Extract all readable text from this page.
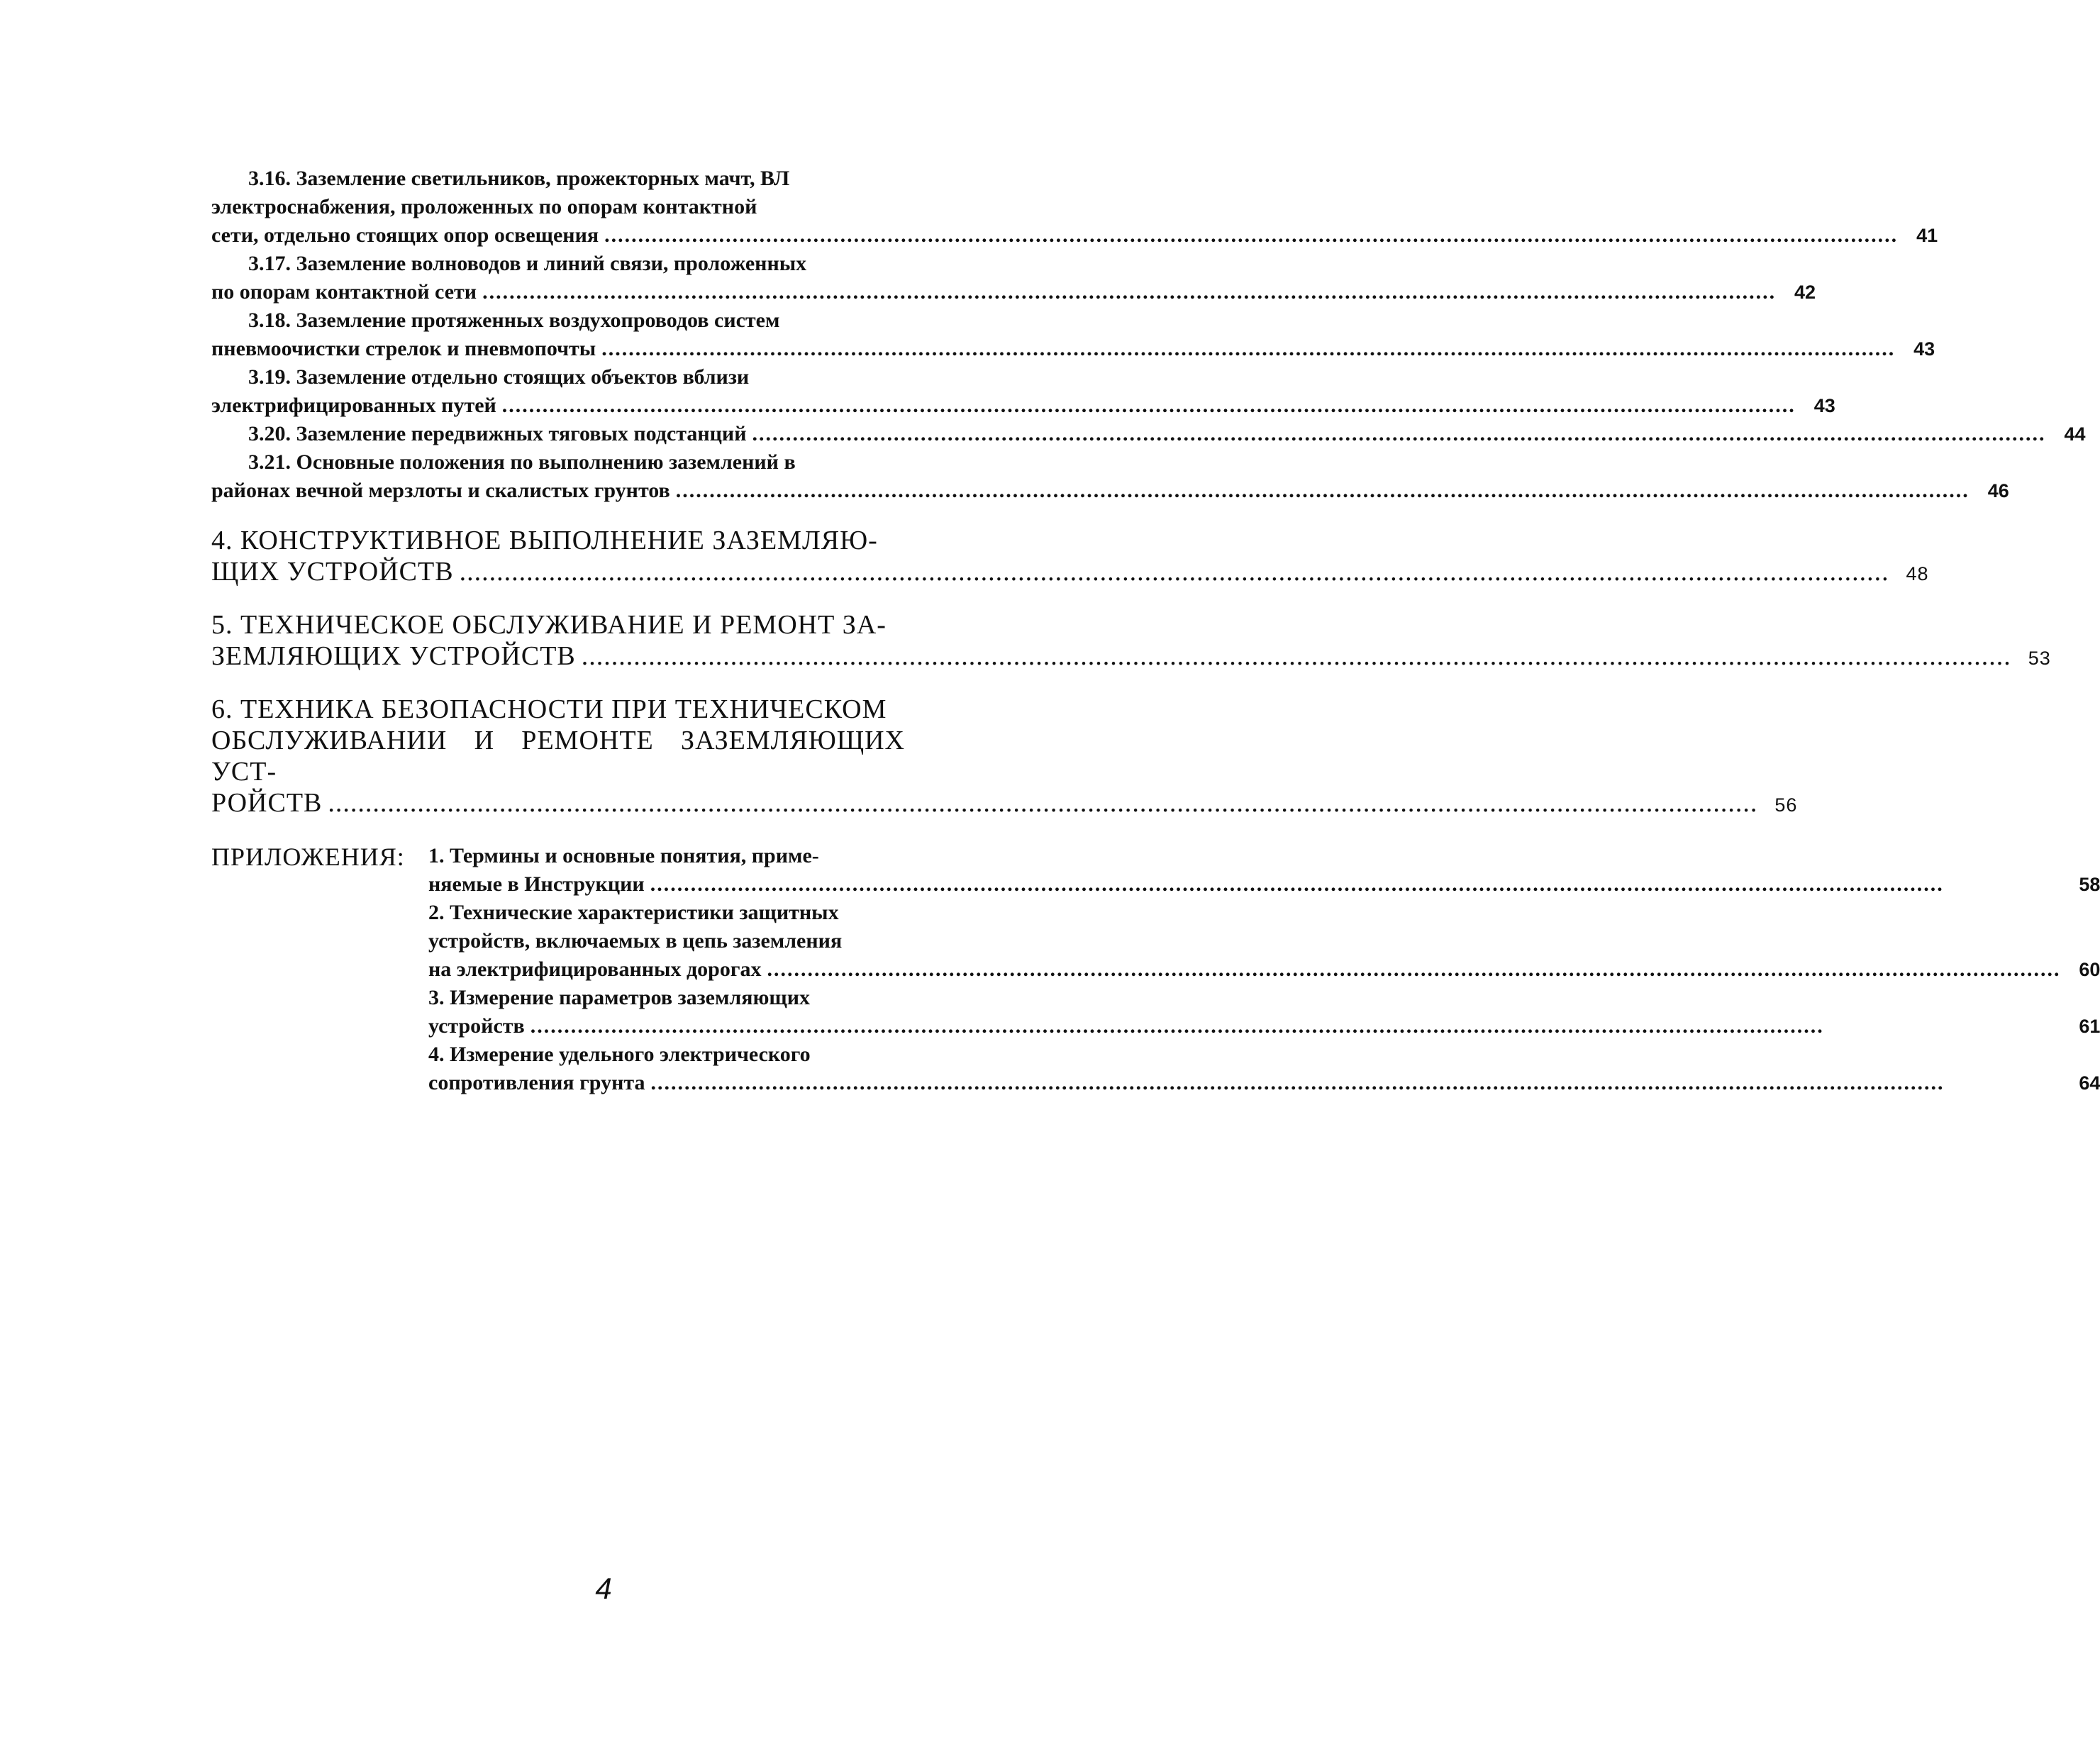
3.16. Заземление светильников, прожекторных мачт, ВЛ
электроснабжения, проложенных по опорам контактной
сети, отдельно стоящих опор освещения .....	41
3.17. Заземление волноводов и линий связи, проложенных
по опорам контактной сети .....	42
3.18. Заземление протяженных воздухопроводов систем
пневмоочистки стрелок и пневмопочты .....	43
3.19. Заземление отдельно стоящих объектов вблизи
электрифицированных путей .....	43
3.20. Заземление передвижных тяговых подстанций .....	44
3.21. Основные положения по выполнению заземлений в
районах вечной мерзлоты и скалистых грунтов .....	46
4. КОНСТРУКТИВНОЕ ВЫПОЛНЕНИЕ ЗАЗЕМЛЯЮ-
ЩИХ УСТРОЙСТВ .....	48
5. ТЕХНИЧЕСКОЕ ОБСЛУЖИВАНИЕ И РЕМОНТ ЗА-
ЗЕМЛЯЮЩИХ УСТРОЙСТВ .....	53
6. ТЕХНИКА БЕЗОПАСНОСТИ ПРИ ТЕХНИЧЕСКОМ
ОБСЛУЖИВАНИИ И РЕМОНТЕ ЗАЗЕМЛЯЮЩИХ УСТ-
РОЙСТВ .....	56
ПРИЛОЖЕНИЯ:	1. Термины и основные понятия, приме-
няемые в Инструкции .....	58
2. Технические характеристики защитных
устройств, включаемых в цепь заземления
на электрифицированных дорогах .....	60
3. Измерение параметров заземляющих
устройств .....	61
4. Измерение удельного электрического
сопротивления грунта .....	64
4
